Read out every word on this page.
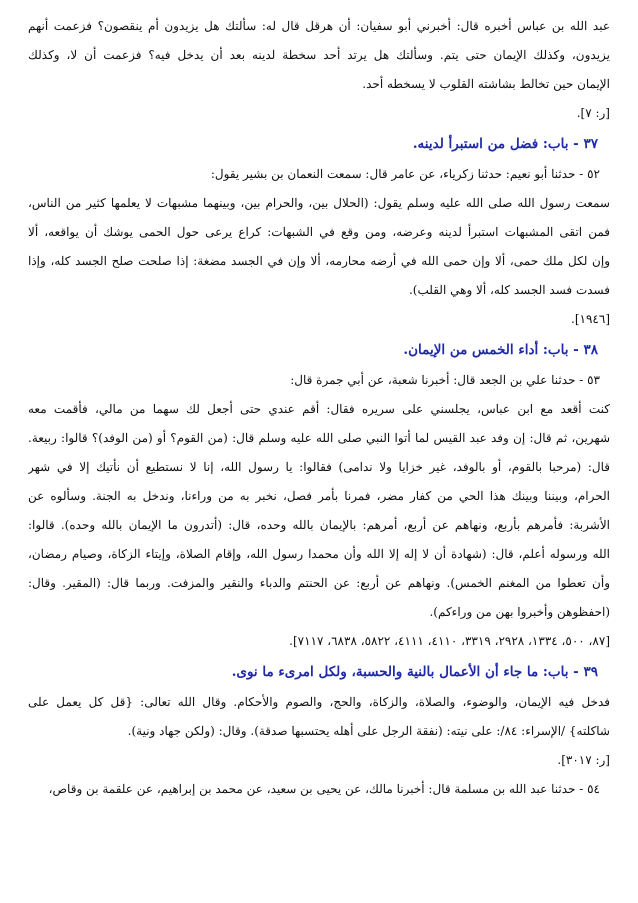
عبد الله بن عباس أخبره قال: أخبرني أبو سفيان: أن هرقل قال له: سألتك هل يزيدون أم ينقصون؟ فزعمت أنهم
يزيدون، وكذلك الإيمان حتى يتم. وسألتك هل يرتد أحد سخطة لدينه بعد أن يدخل فيه؟ فزعمت أن لا، وكذلك
الإيمان حين تخالط بشاشته القلوب لا يسخطه أحد.
[ر: ٧].
٣٧ - باب: فضل من استبرأ لدينه.
٥٢ - حدثنا أبو نعيم: حدثنا زكرياء، عن عامر قال: سمعت النعمان بن بشير يقول:
سمعت رسول الله صلى الله عليه وسلم يقول: (الحلال بين، والحرام بين، وبينهما مشبهات لا يعلمها كثير من الناس،
فمن اتقى المشبهات استبرأ لدينه وعرضه، ومن وقع في الشبهات: كراع يرعى حول الحمى يوشك أن يواقعه، ألا
وإن لكل ملك حمى، ألا وإن حمى الله في أرضه محارمه، ألا وإن في الجسد مضغة: إذا صلحت صلح الجسد كله، وإذا
فسدت فسد الجسد كله، ألا وهي القلب).
[١٩٤٦].
٣٨ - باب: أداء الخمس من الإيمان.
٥٣ - حدثنا علي بن الجعد قال: أخبرنا شعبة، عن أبي جمرة قال:
كنت أقعد مع ابن عباس، يجلسني على سريره فقال: أقم عندي حتى أجعل لك سهما من مالي، فأقمت معه
شهرين، ثم قال: إن وفد عبد القيس لما أتوا النبي صلى الله عليه وسلم قال: (من القوم؟ أو (من الوفد)؟ قالوا: ربيعة.
قال: (مرحبا بالقوم، أو بالوفد، غير خزايا ولا ندامى) فقالوا: يا رسول الله، إنا لا نستطيع أن نأتيك إلا في شهر
الحرام، وبيننا وبينك هذا الحي من كفار مضر، فمرنا بأمر فصل، نخبر به من وراءنا، وندخل به الجنة. وسألوه عن
الأشربة: فأمرهم بأربع، ونهاهم عن أربع، أمرهم: بالإيمان بالله وحده، قال: (أتدرون ما الإيمان بالله وحده). قالوا:
الله ورسوله أعلم، قال: (شهادة أن لا إله إلا الله وأن محمدا رسول الله، وإقام الصلاة، وإيتاء الزكاة، وصيام رمضان،
وأن تعطوا من المغنم الخمس). ونهاهم عن أربع: عن الحنتم والدباء والنقير والمزفت. وربما قال: (المقير. وقال:
(احفظوهن وأخبروا بهن من وراءكم).
[٨٧، ٥٠٠، ١٣٣٤، ٢٩٢٨، ٣٣١٩، ٤١١٠، ٤١١١، ٥٨٢٢، ٦٨٣٨، ٧١١٧].
٣٩ - باب: ما جاء أن الأعمال بالنية والحسبة، ولكل امرىء ما نوى.
فدخل فيه الإيمان، والوضوء، والصلاة، والزكاة، والحج، والصوم والأحكام. وقال الله تعالى: {قل كل يعمل على
شاكلته} /الإسراء: ٨٤/: على نيته: (نفقة الرجل على أهله يحتسبها صدقة). وقال: (ولكن جهاد ونية).
[ر: ٣٠١٧].
٥٤ - حدثنا عبد الله بن مسلمة قال: أخبرنا مالك، عن يحيى بن سعيد، عن محمد بن إبراهيم، عن علقمة بن وقاص،
